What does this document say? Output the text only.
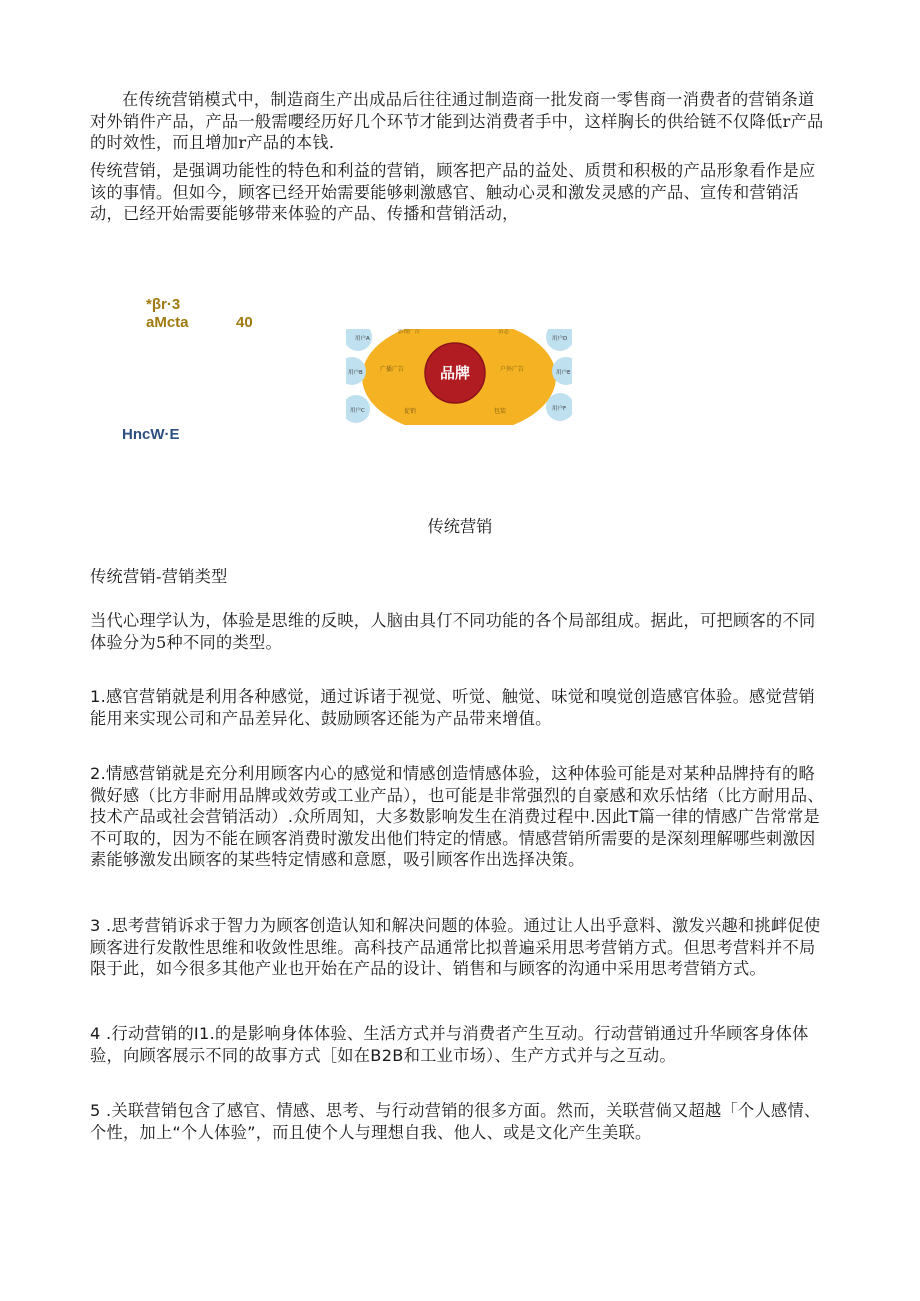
在传统营销模式中，制造商生产出成品后往往通过制造商一批发商一零售商一消费者的营销条道对外销件产品，产品一般需嚶经历好几个环节才能到达消费者手中，这样胸长的供给链不仅降低r产品的时效性，而且增加r产品的本钱.

传统营销，是强调功能性的特色和利益的营销，顾客把产品的益处、质贯和积极的产品形象看作是应该的事情。但如今，顾客已经开始需要能够刺激感官、触动心灵和激发灵感的产品、宣传和营销活动，已经开始需要能够带来体验的产品、传播和营销活动，

*βr·3
aMcta	40
HncW·E
用户A
用户B
用户C
用户D
用户E
用户F
影视广告	杂志
广播广告	户外广告
促销	包装
品牌
传统营销

传统营销-营销类型

当代心理学认为，体验是思维的反映，人脑由具仃不同功能的各个局部组成。据此，可把顾客的不同体验分为5种不同的类型。

1.感官营销就是利用各种感觉，通过诉诸于视觉、听觉、触觉、味觉和嗅觉创造感官体验。感觉营销能用来实现公司和产品差异化、鼓励顾客还能为产品带来增值。

2.情感营销就是充分利用顾客内心的感觉和情感创造情感体验，这种体验可能是对某种品牌持有的略微好感（比方非耐用品牌或效劳或工业产品），也可能是非常强烈的自豪感和欢乐怙绪（比方耐用品、技术产品或社会营销活动）.众所周知，大多数影响发生在消费过程中.因此T篇一律的情感广告常常是不可取的，因为不能在顾客消费时激发出他们特定的情感。情感营销所需要的是深刻理解哪些刺激因素能够激发出顾客的某些特定情感和意愿，吸引顾客作出选择决策。

3 .思考营销诉求于智力为顾客创造认知和解决问题的体验。通过让人出乎意料、激发兴趣和挑衅促使顾客进行发散性思维和收敛性思维。高科技产品通常比拟普遍采用思考营销方式。但思考营料并不局限于此，如今很多其他产业也开始在产品的设计、销售和与顾客的沟通中采用思考营销方式。

4 .行动营销的I1.的是影响身体体验、生活方式并与消费者产生互动。行动营销通过升华顾客身体体验，向顾客展示不同的故事方式［如在B2B和工业市场）、生产方式并与之互动。

5 .关联营销包含了感官、情感、思考、与行动营销的很多方面。然而，关联营倘又超越「个人感情、个性，加上“个人体验”，而且使个人与理想自我、他人、或是文化产生美联。
